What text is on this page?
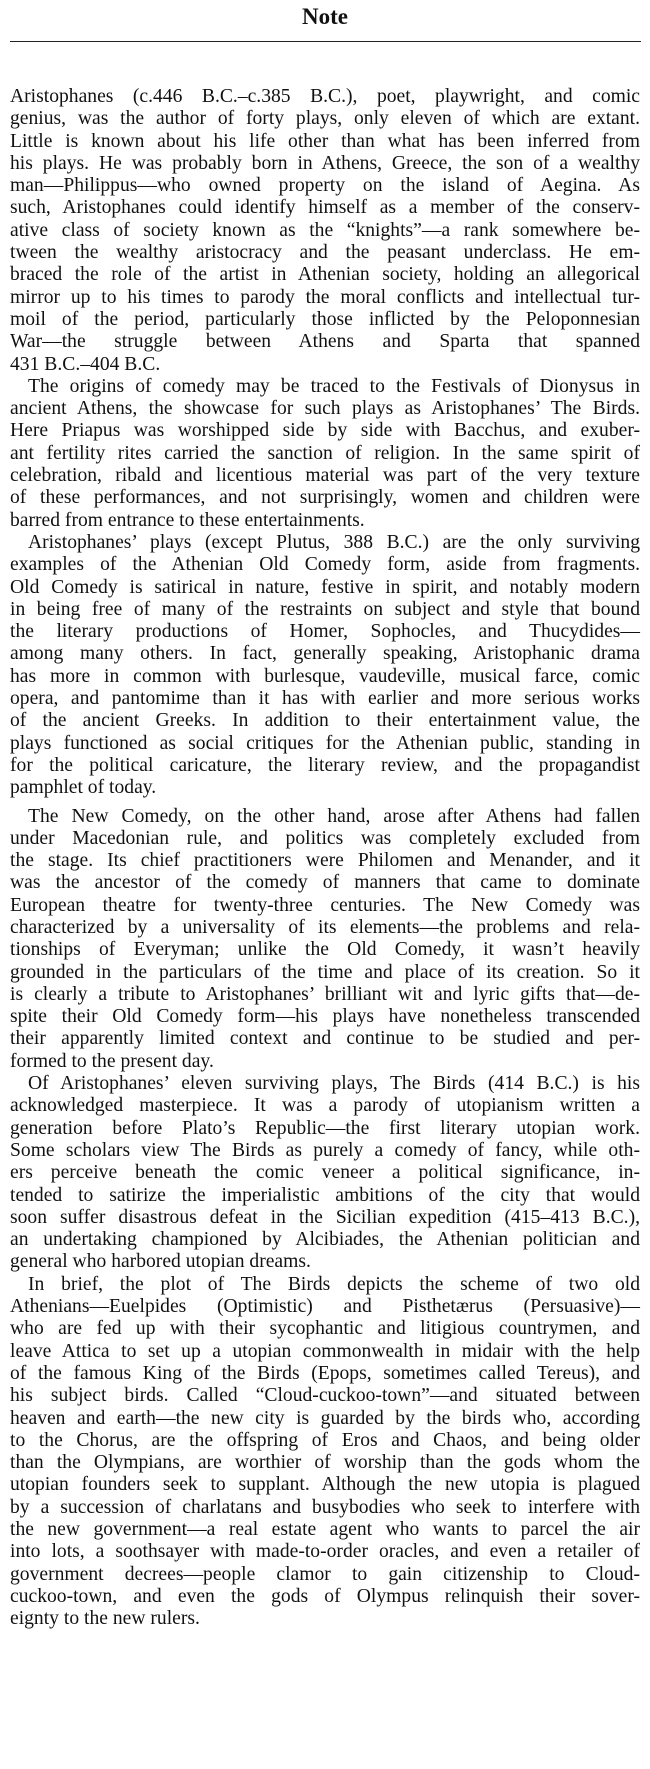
Note
Aristophanes (c.446 B.C.–c.385 B.C.), poet, playwright, and comic
genius, was the author of forty plays, only eleven of which are extant.
Little is known about his life other than what has been inferred from
his plays. He was probably born in Athens, Greece, the son of a wealthy
man—Philippus—who owned property on the island of Aegina. As
such, Aristophanes could identify himself as a member of the conserv-
ative class of society known as the “knights”—a rank somewhere be-
tween the wealthy aristocracy and the peasant underclass. He em-
braced the role of the artist in Athenian society, holding an allegorical
mirror up to his times to parody the moral conflicts and intellectual tur-
moil of the period, particularly those inflicted by the Peloponnesian
War—the struggle between Athens and Sparta that spanned
431 B.C.–404 B.C.
The origins of comedy may be traced to the Festivals of Dionysus in
ancient Athens, the showcase for such plays as Aristophanes’ The Birds.
Here Priapus was worshipped side by side with Bacchus, and exuber-
ant fertility rites carried the sanction of religion. In the same spirit of
celebration, ribald and licentious material was part of the very texture
of these performances, and not surprisingly, women and children were
barred from entrance to these entertainments.
Aristophanes’ plays (except Plutus, 388 B.C.) are the only surviving
examples of the Athenian Old Comedy form, aside from fragments.
Old Comedy is satirical in nature, festive in spirit, and notably modern
in being free of many of the restraints on subject and style that bound
the literary productions of Homer, Sophocles, and Thucydides—
among many others. In fact, generally speaking, Aristophanic drama
has more in common with burlesque, vaudeville, musical farce, comic
opera, and pantomime than it has with earlier and more serious works
of the ancient Greeks. In addition to their entertainment value, the
plays functioned as social critiques for the Athenian public, standing in
for the political caricature, the literary review, and the propagandist
pamphlet of today.
The New Comedy, on the other hand, arose after Athens had fallen
under Macedonian rule, and politics was completely excluded from
the stage. Its chief practitioners were Philomen and Menander, and it
was the ancestor of the comedy of manners that came to dominate
European theatre for twenty-three centuries. The New Comedy was
characterized by a universality of its elements—the problems and rela-
tionships of Everyman; unlike the Old Comedy, it wasn’t heavily
grounded in the particulars of the time and place of its creation. So it
is clearly a tribute to Aristophanes’ brilliant wit and lyric gifts that—de-
spite their Old Comedy form—his plays have nonetheless transcended
their apparently limited context and continue to be studied and per-
formed to the present day.
Of Aristophanes’ eleven surviving plays, The Birds (414 B.C.) is his
acknowledged masterpiece. It was a parody of utopianism written a
generation before Plato’s Republic—the first literary utopian work.
Some scholars view The Birds as purely a comedy of fancy, while oth-
ers perceive beneath the comic veneer a political significance, in-
tended to satirize the imperialistic ambitions of the city that would
soon suffer disastrous defeat in the Sicilian expedition (415–413 B.C.),
an undertaking championed by Alcibiades, the Athenian politician and
general who harbored utopian dreams.
In brief, the plot of The Birds depicts the scheme of two old
Athenians—Euelpides (Optimistic) and Pisthetærus (Persuasive)—
who are fed up with their sycophantic and litigious countrymen, and
leave Attica to set up a utopian commonwealth in midair with the help
of the famous King of the Birds (Epops, sometimes called Tereus), and
his subject birds. Called “Cloud-cuckoo-town”—and situated between
heaven and earth—the new city is guarded by the birds who, according
to the Chorus, are the offspring of Eros and Chaos, and being older
than the Olympians, are worthier of worship than the gods whom the
utopian founders seek to supplant. Although the new utopia is plagued
by a succession of charlatans and busybodies who seek to interfere with
the new government—a real estate agent who wants to parcel the air
into lots, a soothsayer with made-to-order oracles, and even a retailer of
government decrees—people clamor to gain citizenship to Cloud-
cuckoo-town, and even the gods of Olympus relinquish their sover-
eignty to the new rulers.
